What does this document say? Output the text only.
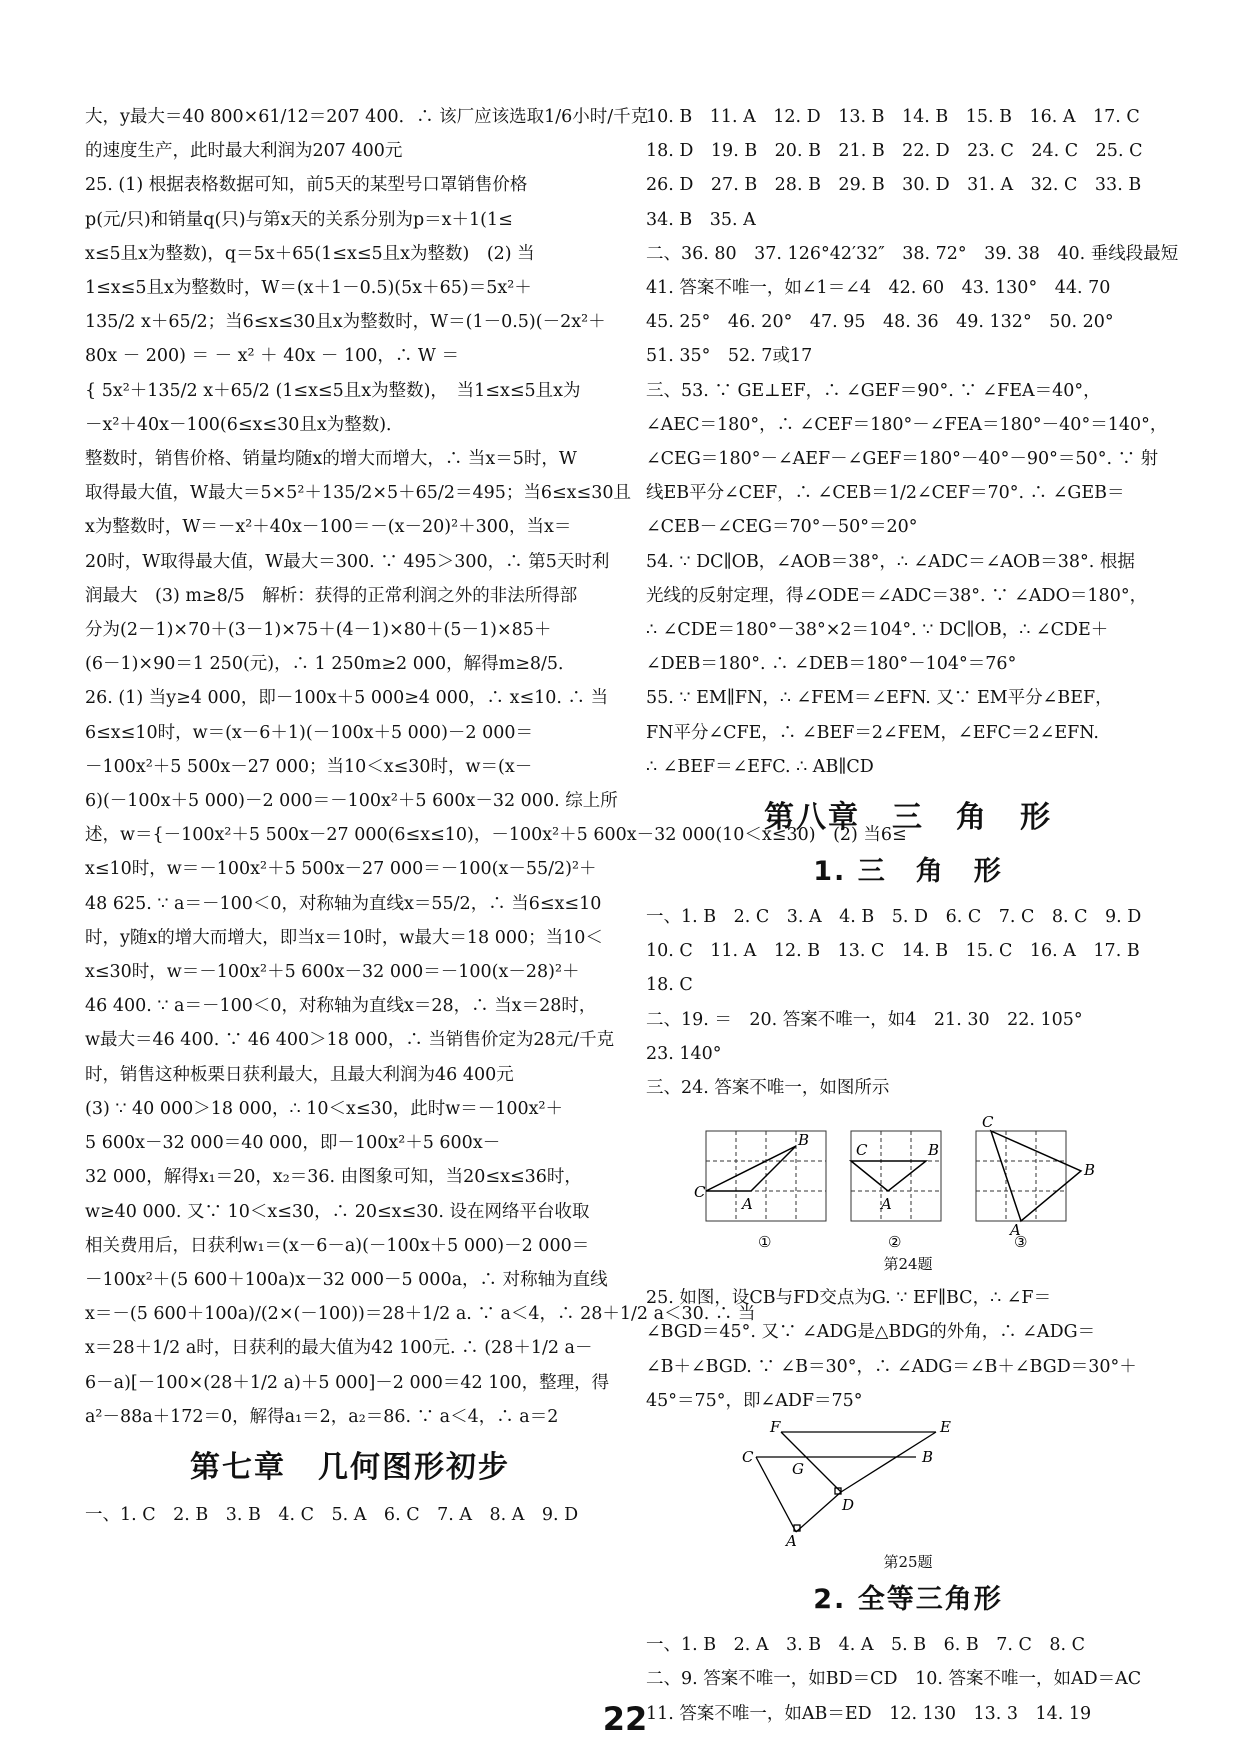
大，y最大＝40 800×61/12＝207 400．∴ 该厂应该选取1/6小时/千克
的速度生产，此时最大利润为207 400元
25. (1) 根据表格数据可知，前5天的某型号口罩销售价格
p(元/只)和销量q(只)与第x天的关系分别为p＝x＋1(1≤
x≤5且x为整数)，q＝5x＋65(1≤x≤5且x为整数)　(2) 当
1≤x≤5且x为整数时，W＝(x＋1－0.5)(5x＋65)＝5x²＋
135/2 x＋65/2；当6≤x≤30且x为整数时，W＝(1－0.5)(－2x²＋
80x － 200) ＝ － x² ＋ 40x － 100，∴ W ＝
{ 5x²＋135/2 x＋65/2 (1≤x≤5且x为整数)，　当1≤x≤5且x为
－x²＋40x－100(6≤x≤30且x为整数)．
整数时，销售价格、销量均随x的增大而增大，∴ 当x＝5时，W
取得最大值，W最大＝5×5²＋135/2×5＋65/2＝495；当6≤x≤30且
x为整数时，W＝－x²＋40x－100＝－(x－20)²＋300，当x＝
20时，W取得最大值，W最大＝300. ∵ 495＞300，∴ 第5天时利
润最大　(3) m≥8/5　解析：获得的正常利润之外的非法所得部
分为(2－1)×70＋(3－1)×75＋(4－1)×80＋(5－1)×85＋
(6－1)×90＝1 250(元)，∴ 1 250m≥2 000，解得m≥8/5．
26. (1) 当y≥4 000，即－100x＋5 000≥4 000，∴ x≤10. ∴ 当
6≤x≤10时，w＝(x－6＋1)(－100x＋5 000)－2 000＝
－100x²＋5 500x－27 000；当10＜x≤30时，w＝(x－
6)(－100x＋5 000)－2 000＝－100x²＋5 600x－32 000. 综上所
述，w＝{－100x²＋5 500x－27 000(6≤x≤10)，－100x²＋5 600x－32 000(10＜x≤30)　(2) 当6≤
x≤10时，w＝－100x²＋5 500x－27 000＝－100(x－55/2)²＋
48 625. ∵ a＝－100＜0，对称轴为直线x＝55/2，∴ 当6≤x≤10
时，y随x的增大而增大，即当x＝10时，w最大＝18 000；当10＜
x≤30时，w＝－100x²＋5 600x－32 000＝－100(x－28)²＋
46 400. ∵ a＝－100＜0，对称轴为直线x＝28，∴ 当x＝28时，
w最大＝46 400. ∵ 46 400＞18 000，∴ 当销售价定为28元/千克
时，销售这种板栗日获利最大，且最大利润为46 400元
(3) ∵ 40 000＞18 000，∴ 10＜x≤30，此时w＝－100x²＋
5 600x－32 000＝40 000，即－100x²＋5 600x－
32 000，解得x₁＝20，x₂＝36. 由图象可知，当20≤x≤36时，
w≥40 000. 又∵ 10＜x≤30，∴ 20≤x≤30. 设在网络平台收取
相关费用后，日获利w₁＝(x－6－a)(－100x＋5 000)－2 000＝
－100x²＋(5 600＋100a)x－32 000－5 000a，∴ 对称轴为直线
x＝－(5 600＋100a)/(2×(－100))＝28＋1/2 a. ∵ a＜4，∴ 28＋1/2 a＜30. ∴ 当
x＝28＋1/2 a时，日获利的最大值为42 100元. ∴ (28＋1/2 a－
6－a)[－100×(28＋1/2 a)＋5 000]－2 000＝42 100，整理，得
a²－88a＋172＝0，解得a₁＝2，a₂＝86. ∵ a＜4，∴ a＝2
第七章　几何图形初步
一、1. C　2. B　3. B　4. C　5. A　6. C　7. A　8. A　9. D
10. B　11. A　12. D　13. B　14. B　15. B　16. A　17. C
18. D　19. B　20. B　21. B　22. D　23. C　24. C　25. C
26. D　27. B　28. B　29. B　30. D　31. A　32. C　33. B
34. B　35. A
二、36. 80　37. 126°42′32″　38. 72°　39. 38　40. 垂线段最短
41. 答案不唯一，如∠1＝∠4　42. 60　43. 130°　44. 70
45. 25°　46. 20°　47. 95　48. 36　49. 132°　50. 20°
51. 35°　52. 7或17
三、53. ∵ GE⊥EF，∴ ∠GEF＝90°. ∵ ∠FEA＝40°，
∠AEC＝180°，∴ ∠CEF＝180°－∠FEA＝180°－40°＝140°，
∠CEG＝180°－∠AEF－∠GEF＝180°－40°－90°＝50°. ∵ 射
线EB平分∠CEF，∴ ∠CEB＝1/2∠CEF＝70°. ∴ ∠GEB＝
∠CEB－∠CEG＝70°－50°＝20°
54. ∵ DC∥OB，∠AOB＝38°，∴ ∠ADC＝∠AOB＝38°. 根据
光线的反射定理，得∠ODE＝∠ADC＝38°. ∵ ∠ADO＝180°，
∴ ∠CDE＝180°－38°×2＝104°. ∵ DC∥OB，∴ ∠CDE＋
∠DEB＝180°. ∴ ∠DEB＝180°－104°＝76°
55. ∵ EM∥FN，∴ ∠FEM＝∠EFN. 又∵ EM平分∠BEF，
FN平分∠CFE，∴ ∠BEF＝2∠FEM，∠EFC＝2∠EFN.
∴ ∠BEF＝∠EFC. ∴ AB∥CD
第八章　三　角　形
1. 三　角　形
一、1. B　2. C　3. A　4. B　5. D　6. C　7. C　8. C　9. D
10. C　11. A　12. B　13. C　14. B　15. C　16. A　17. B
18. C
二、19. ＝　20. 答案不唯一，如4　21. 30　22. 105°
23. 140°
三、24. 答案不唯一，如图所示
C
B
A
C	B
A
C
B
A
①	②	③
第24题
25. 如图，设CB与FD交点为G. ∵ EF∥BC，∴ ∠F＝
∠BGD＝45°. 又∵ ∠ADG是△BDG的外角，∴ ∠ADG＝
∠B＋∠BGD. ∵ ∠B＝30°，∴ ∠ADG＝∠B＋∠BGD＝30°＋
45°＝75°，即∠ADF＝75°
F	E
C
G
B
D
A
第25题
2. 全等三角形
一、1. B　2. A　3. B　4. A　5. B　6. B　7. C　8. C
二、9. 答案不唯一，如BD＝CD　10. 答案不唯一，如AD＝AC
11. 答案不唯一，如AB＝ED　12. 130　13. 3　14. 19
22
